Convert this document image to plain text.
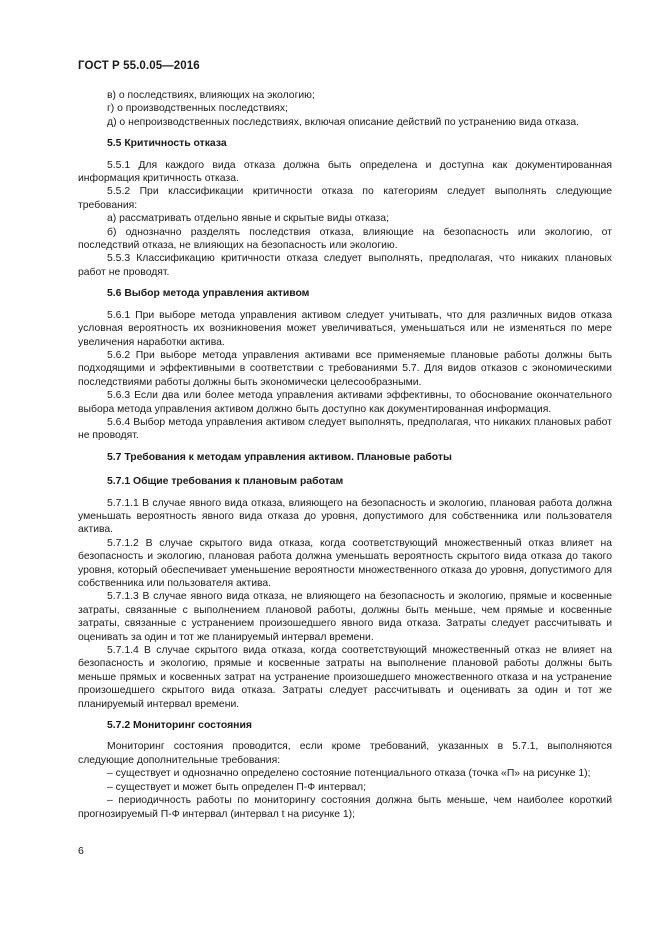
ГОСТ Р 55.0.05—2016

в) о последствиях, влияющих на экологию;

г) о производственных последствиях;

д) о непроизводственных последствиях, включая описание действий по устранению вида отказа.

5.5 Критичность отказа

5.5.1 Для каждого вида отказа должна быть определена и доступна как документированная информация критичность отказа.

5.5.2 При классификации критичности отказа по категориям следует выполнять следующие требования:

а) рассматривать отдельно явные и скрытые виды отказа;

б) однозначно разделять последствия отказа, влияющие на безопасность или экологию, от последствий отказа, не влияющих на безопасность или экологию.

5.5.3 Классификацию критичности отказа следует выполнять, предполагая, что никаких плановых работ не проводят.

5.6 Выбор метода управления активом

5.6.1 При выборе метода управления активом следует учитывать, что для различных видов отказа условная вероятность их возникновения может увеличиваться, уменьшаться или не изменяться по мере увеличения наработки актива.

5.6.2 При выборе метода управления активами все применяемые плановые работы должны быть подходящими и эффективными в соответствии с требованиями 5.7. Для видов отказов с экономическими последствиями работы должны быть экономически целесообразными.

5.6.3 Если два или более метода управления активами эффективны, то обоснование окончательного выбора метода управления активом должно быть доступно как документированная информация.

5.6.4 Выбор метода управления активом следует выполнять, предполагая, что никаких плановых работ не проводят.

5.7 Требования к методам управления активом. Плановые работы

5.7.1 Общие требования к плановым работам

5.7.1.1 В случае явного вида отказа, влияющего на безопасность и экологию, плановая работа должна уменьшать вероятность явного вида отказа до уровня, допустимого для собственника или пользователя актива.

5.7.1.2 В случае скрытого вида отказа, когда соответствующий множественный отказ влияет на безопасность и экологию, плановая работа должна уменьшать вероятность скрытого вида отказа до такого уровня, который обеспечивает уменьшение вероятности множественного отказа до уровня, допустимого для собственника или пользователя актива.

5.7.1.3 В случае явного вида отказа, не влияющего на безопасность и экологию, прямые и косвенные затраты, связанные с выполнением плановой работы, должны быть меньше, чем прямые и косвенные затраты, связанные с устранением произошедшего явного вида отказа. Затраты следует рассчитывать и оценивать за один и тот же планируемый интервал времени.

5.7.1.4 В случае скрытого вида отказа, когда соответствующий множественный отказ не влияет на безопасность и экологию, прямые и косвенные затраты на выполнение плановой работы должны быть меньше прямых и косвенных затрат на устранение произошедшего множественного отказа и на устранение произошедшего скрытого вида отказа. Затраты следует рассчитывать и оценивать за один и тот же планируемый интервал времени.

5.7.2 Мониторинг состояния

Мониторинг состояния проводится, если кроме требований, указанных в 5.7.1, выполняются следующие дополнительные требования:

– существует и однозначно определено состояние потенциального отказа (точка «П» на рисунке 1);

– существует и может быть определен П-Ф интервал;

– периодичность работы по мониторингу состояния должна быть меньше, чем наиболее короткий прогнозируемый П-Ф интервал (интервал t на рисунке 1);

6
